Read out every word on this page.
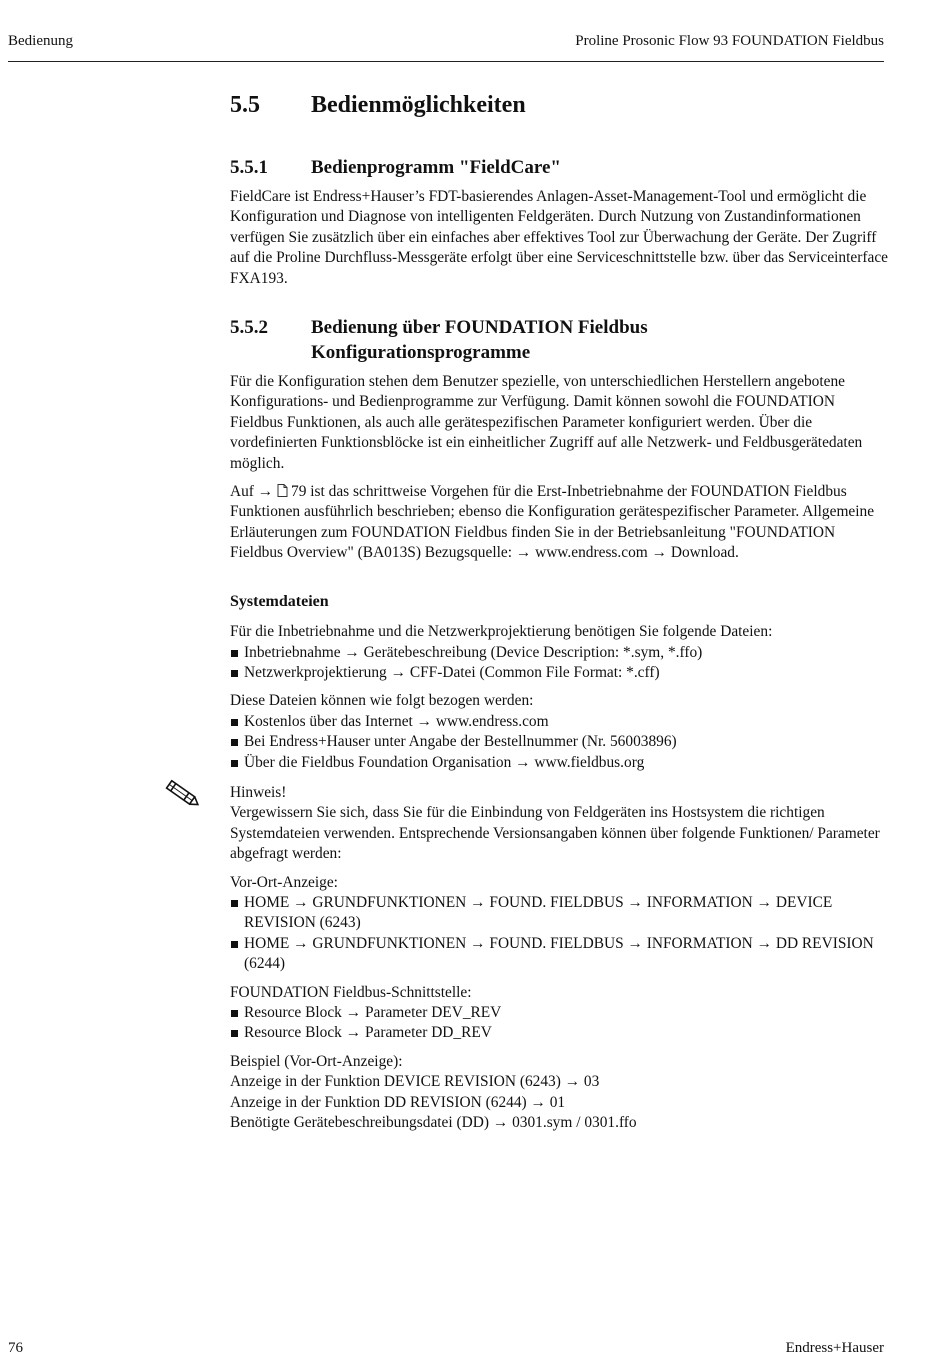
Bedienung	Proline Prosonic Flow 93 FOUNDATION Fieldbus
5.5 Bedienmöglichkeiten
5.5.1 Bedienprogramm "FieldCare"

FieldCare ist Endress+Hauser’s FDT-basierendes Anlagen-Asset-Management-Tool und ermöglicht die Konfiguration und Diagnose von intelligenten Feldgeräten. Durch Nutzung von Zustandinformationen verfügen Sie zusätzlich über ein einfaches aber effektives Tool zur Überwachung der Geräte. Der Zugriff auf die Proline Durchfluss-Messgeräte erfolgt über eine Serviceschnittstelle bzw. über das Serviceinterface FXA193.

5.5.2 Bedienung über FOUNDATION Fieldbus
Konfigurationsprogramme

Für die Konfiguration stehen dem Benutzer spezielle, von unterschiedlichen Herstellern angebotene Konfigurations- und Bedienprogramme zur Verfügung. Damit können sowohl die FOUNDATION Fieldbus Funktionen, als auch alle gerätespezifischen Parameter konfiguriert werden. Über die vordefinierten Funktionsblöcke ist ein einheitlicher Zugriff auf alle Netzwerk- und Feldbusgerätedaten möglich.

Auf → 79 ist das schrittweise Vorgehen für die Erst-Inbetriebnahme der FOUNDATION Fieldbus Funktionen ausführlich beschrieben; ebenso die Konfiguration gerätespezifischer Parameter. Allgemeine Erläuterungen zum FOUNDATION Fieldbus finden Sie in der Betriebsanleitung "FOUNDATION Fieldbus Overview" (BA013S) Bezugsquelle: → www.endress.com → Download.

Systemdateien

Für die Inbetriebnahme und die Netzwerkprojektierung benötigen Sie folgende Dateien:

Inbetriebnahme → Gerätebeschreibung (Device Description: *.sym, *.ffo)
Netzwerkprojektierung → CFF-Datei (Common File Format: *.cff)

Diese Dateien können wie folgt bezogen werden:

Kostenlos über das Internet → www.endress.com
Bei Endress+Hauser unter Angabe der Bestellnummer (Nr. 56003896)
Über die Fieldbus Foundation Organisation → www.fieldbus.org

Hinweis!

Vergewissern Sie sich, dass Sie für die Einbindung von Feldgeräten ins Hostsystem die richtigen Systemdateien verwenden. Entsprechende Versionsangaben können über folgende Funktionen/ Parameter abgefragt werden:

Vor-Ort-Anzeige:

HOME → GRUNDFUNKTIONEN → FOUND. FIELDBUS → INFORMATION → DEVICE REVISION (6243)
HOME → GRUNDFUNKTIONEN → FOUND. FIELDBUS → INFORMATION → DD REVISION (6244)

FOUNDATION Fieldbus-Schnittstelle:

Resource Block → Parameter DEV_REV
Resource Block → Parameter DD_REV

Beispiel (Vor-Ort-Anzeige):

Anzeige in der Funktion DEVICE REVISION (6243) → 03
Anzeige in der Funktion DD REVISION (6244) → 01
Benötigte Gerätebeschreibungsdatei (DD) → 0301.sym / 0301.ffo
76	Endress+Hauser
